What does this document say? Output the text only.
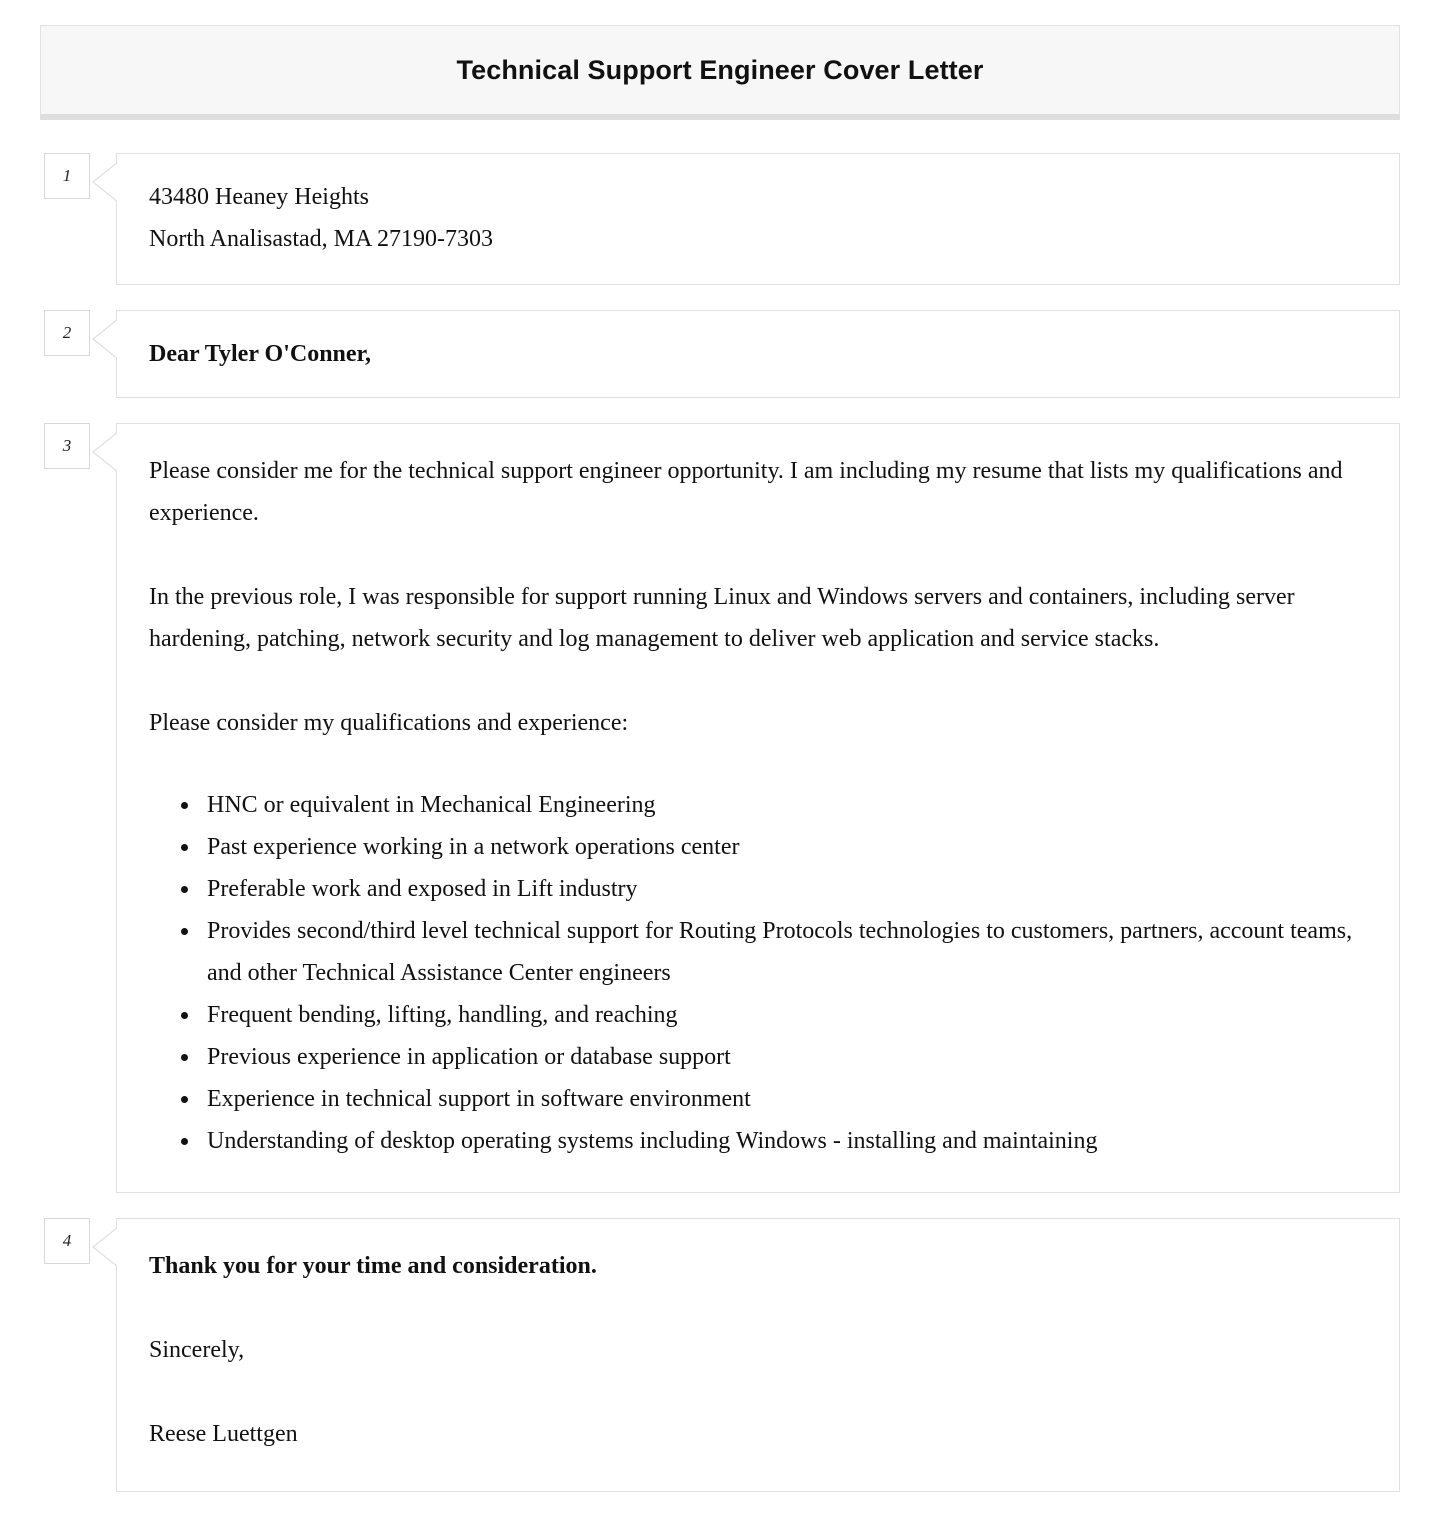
Technical Support Engineer Cover Letter
1

43480 Heaney Heights

North Analisastad, MA 27190-7303

2

Dear Tyler O'Conner,

3

Please consider me for the technical support engineer opportunity. I am including my resume that lists my qualifications and experience.

In the previous role, I was responsible for support running Linux and Windows servers and containers, including server hardening, patching, network security and log management to deliver web application and service stacks.

Please consider my qualifications and experience:

• HNC or equivalent in Mechanical Engineering
• Past experience working in a network operations center
• Preferable work and exposed in Lift industry
• Provides second/third level technical support for Routing Protocols technologies to customers, partners, account teams, and other Technical Assistance Center engineers
• Frequent bending, lifting, handling, and reaching
• Previous experience in application or database support
• Experience in technical support in software environment
• Understanding of desktop operating systems including Windows - installing and maintaining
4

Thank you for your time and consideration.

Sincerely,

Reese Luettgen
